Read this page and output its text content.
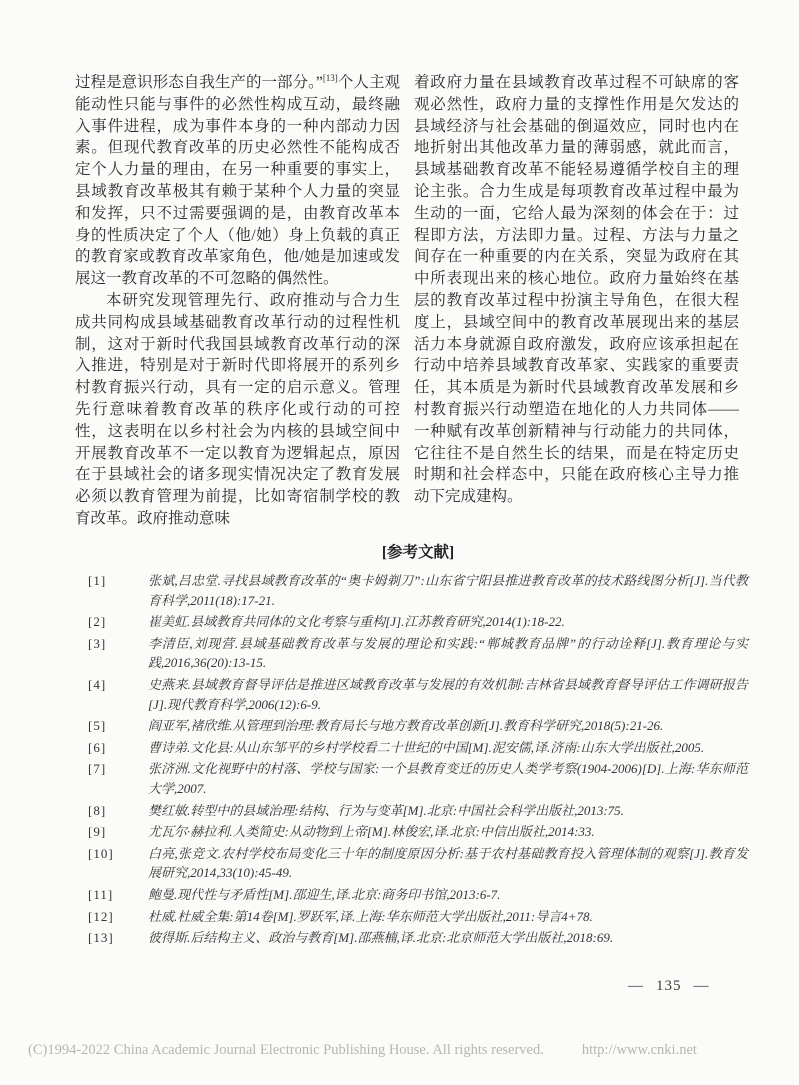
过程是意识形态自我生产的一部分。”[13]个人主观能动性只能与事件的必然性构成互动，最终融入事件进程，成为事件本身的一种内部动力因素。但现代教育改革的历史必然性不能构成否定个人力量的理由，在另一种重要的事实上，县域教育改革极其有赖于某种个人力量的突显和发挥，只不过需要强调的是，由教育改革本身的性质决定了个人（他/她）身上负载的真正的教育家或教育改革家角色，他/她是加速或发展这一教育改革的不可忽略的偶然性。

本研究发现管理先行、政府推动与合力生成共同构成县域基础教育改革行动的过程性机制，这对于新时代我国县域教育改革行动的深入推进，特别是对于新时代即将展开的系列乡村教育振兴行动，具有一定的启示意义。管理先行意味着教育改革的秩序化或行动的可控性，这表明在以乡村社会为内核的县域空间中开展教育改革不一定以教育为逻辑起点，原因在于县域社会的诸多现实情况决定了教育发展必须以教育管理为前提，比如寄宿制学校的教育改革。政府推动意味

着政府力量在县域教育改革过程不可缺席的客观必然性，政府力量的支撑性作用是欠发达的县域经济与社会基础的倒逼效应，同时也内在地折射出其他改革力量的薄弱感，就此而言，县域基础教育改革不能轻易遵循学校自主的理论主张。合力生成是每项教育改革过程中最为生动的一面，它给人最为深刻的体会在于：过程即方法，方法即力量。过程、方法与力量之间存在一种重要的内在关系，突显为政府在其中所表现出来的核心地位。政府力量始终在基层的教育改革过程中扮演主导角色，在很大程度上，县域空间中的教育改革展现出来的基层活力本身就源自政府激发，政府应该承担起在行动中培养县域教育改革家、实践家的重要责任，其本质是为新时代县域教育改革发展和乡村教育振兴行动塑造在地化的人力共同体——一种赋有改革创新精神与行动能力的共同体，它往往不是自然生长的结果，而是在特定历史时期和社会样态中，只能在政府核心主导力推动下完成建构。

[参考文献]
[1]	张斌,吕忠堂.寻找县域教育改革的“奥卡姆剃刀”:山东省宁阳县推进教育改革的技术路线图分析[J].当代教育科学,2011(18):17-21.
[2]	崔美虹.县域教育共同体的文化考察与重构[J].江苏教育研究,2014(1):18-22.
[3]	李清臣,刘现营.县域基础教育改革与发展的理论和实践:“郸城教育品牌”的行动诠释[J].教育理论与实践,2016,36(20):13-15.
[4]	史燕来.县域教育督导评估是推进区域教育改革与发展的有效机制:吉林省县域教育督导评估工作调研报告[J].现代教育科学,2006(12):6-9.
[5]	阎亚军,褚欣维.从管理到治理:教育局长与地方教育改革创新[J].教育科学研究,2018(5):21-26.
[6]	曹诗弟.文化县:从山东邹平的乡村学校看二十世纪的中国[M].泥安儒,译.济南:山东大学出版社,2005.
[7]	张济洲.文化视野中的村落、学校与国家:一个县教育变迁的历史人类学考察(1904-2006)[D].上海:华东师范大学,2007.
[8]	樊红敏.转型中的县域治理:结构、行为与变革[M].北京:中国社会科学出版社,2013:75.
[9]	尤瓦尔·赫拉利.人类简史:从动物到上帝[M].林俊宏,译.北京:中信出版社,2014:33.
[10]	白亮,张竞文.农村学校布局变化三十年的制度原因分析:基于农村基础教育投入管理体制的观察[J].教育发展研究,2014,33(10):45-49.
[11]	鲍曼.现代性与矛盾性[M].邵迎生,译.北京:商务印书馆,2013:6-7.
[12]	杜威.杜威全集:第14卷[M].罗跃军,译.上海:华东师范大学出版社,2011:导言4+78.
[13]	彼得斯.后结构主义、政治与教育[M].邵燕楠,译.北京:北京师范大学出版社,2018:69.
— 135 —
(C)1994-2022 China Academic Journal Electronic Publishing House. All rights reserved.	http://www.cnki.net
